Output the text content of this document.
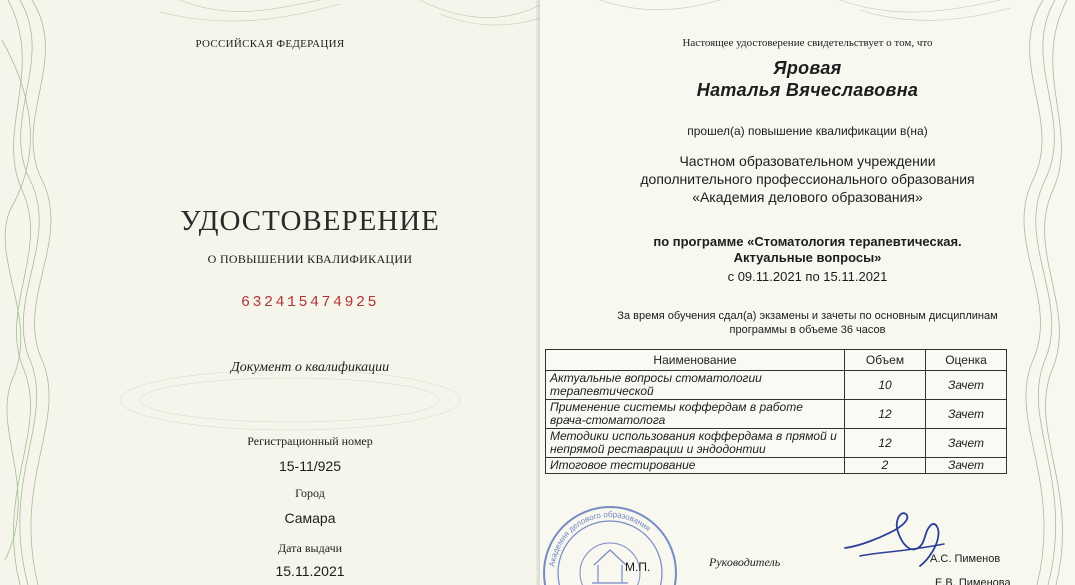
РОССИЙСКАЯ ФЕДЕРАЦИЯ
УДОСТОВЕРЕНИЕ
О ПОВЫШЕНИИ КВАЛИФИКАЦИИ
632415474925
Документ о квалификации
Регистрационный номер
15-11/925
Город
Самара
Дата выдачи
15.11.2021
Настоящее удостоверение свидетельствует о том, что
Яровая
Наталья Вячеславовна
прошел(а) повышение квалификации в(на)
Частном образовательном учреждении
дополнительного профессионального образования
«Академия делового образования»
по программе «Стоматология терапевтическая.
Актуальные вопросы»
с 09.11.2021 по 15.11.2021
За время обучения сдал(а) экзамены и зачеты по основным дисциплинам
программы в объеме 36 часов
Наименование	Объем	Оценка
Актуальные вопросы стоматологии терапевтической	10	Зачет
Применение системы коффердам в работе врача-стоматолога	12	Зачет
Методики использования коффердама в прямой и непрямой реставрации и эндодонтии	12	Зачет
Итоговое тестирование	2	Зачет
Академия делового образования
М.П.	Руководитель	А.С. Пименов
Е.В. Пименова
